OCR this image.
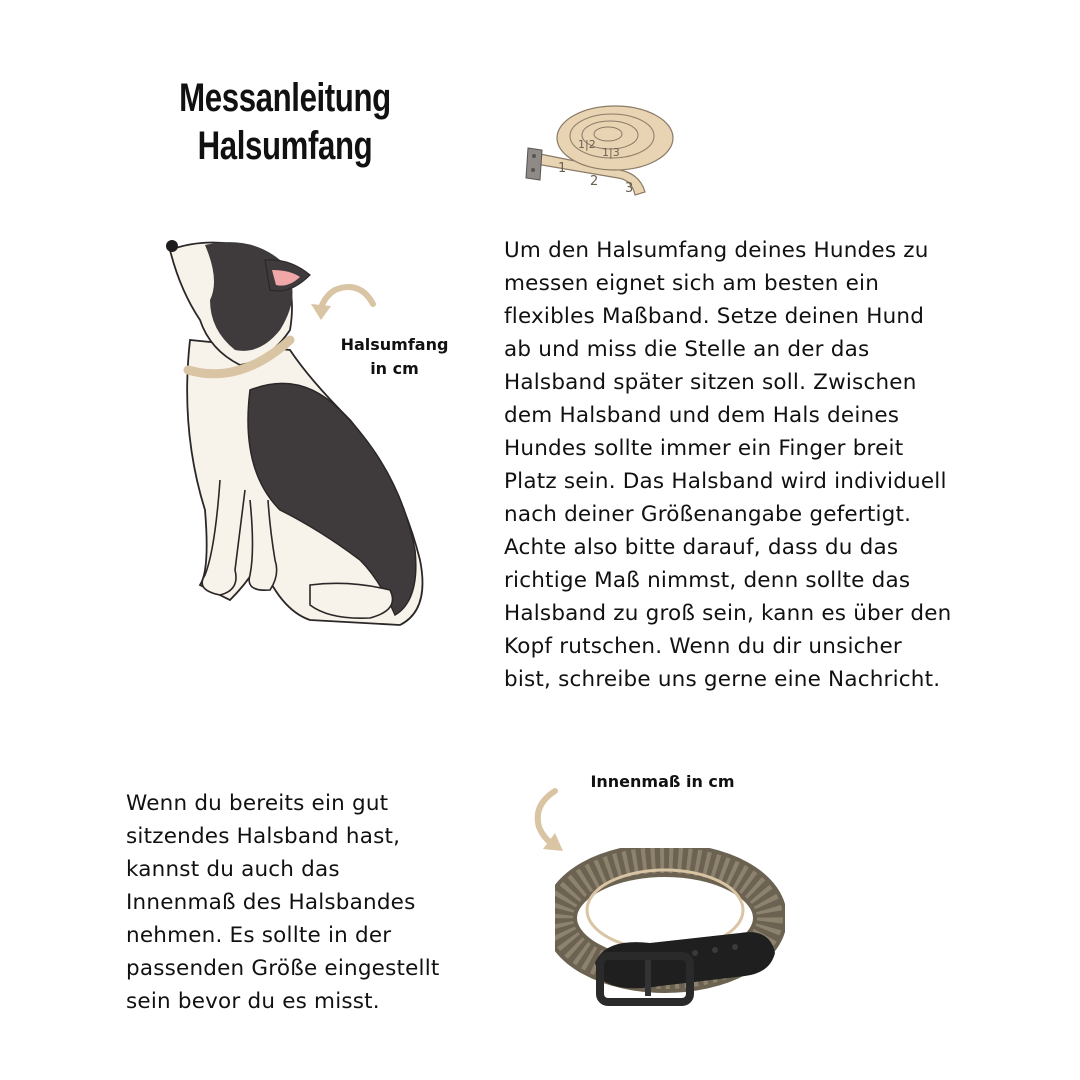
Messanleitung
Halsumfang
1
2 3
1|2
1|3
Halsumfang
in cm
Um den Halsumfang deines Hundes zu
messen eignet sich am besten ein
flexibles Maßband. Setze deinen Hund
ab und miss die Stelle an der das
Halsband später sitzen soll. Zwischen
dem Halsband und dem Hals deines
Hundes sollte immer ein Finger breit
Platz sein. Das Halsband wird individuell
nach deiner Größenangabe gefertigt.
Achte also bitte darauf, dass du das
richtige Maß nimmst, denn sollte das
Halsband zu groß sein, kann es über den
Kopf rutschen. Wenn du dir unsicher
bist, schreibe uns gerne eine Nachricht.
Innenmaß in cm
Wenn du bereits ein gut
sitzendes Halsband hast,
kannst du auch das
Innenmaß des Halsbandes
nehmen. Es sollte in der
passenden Größe eingestellt
sein bevor du es misst.
